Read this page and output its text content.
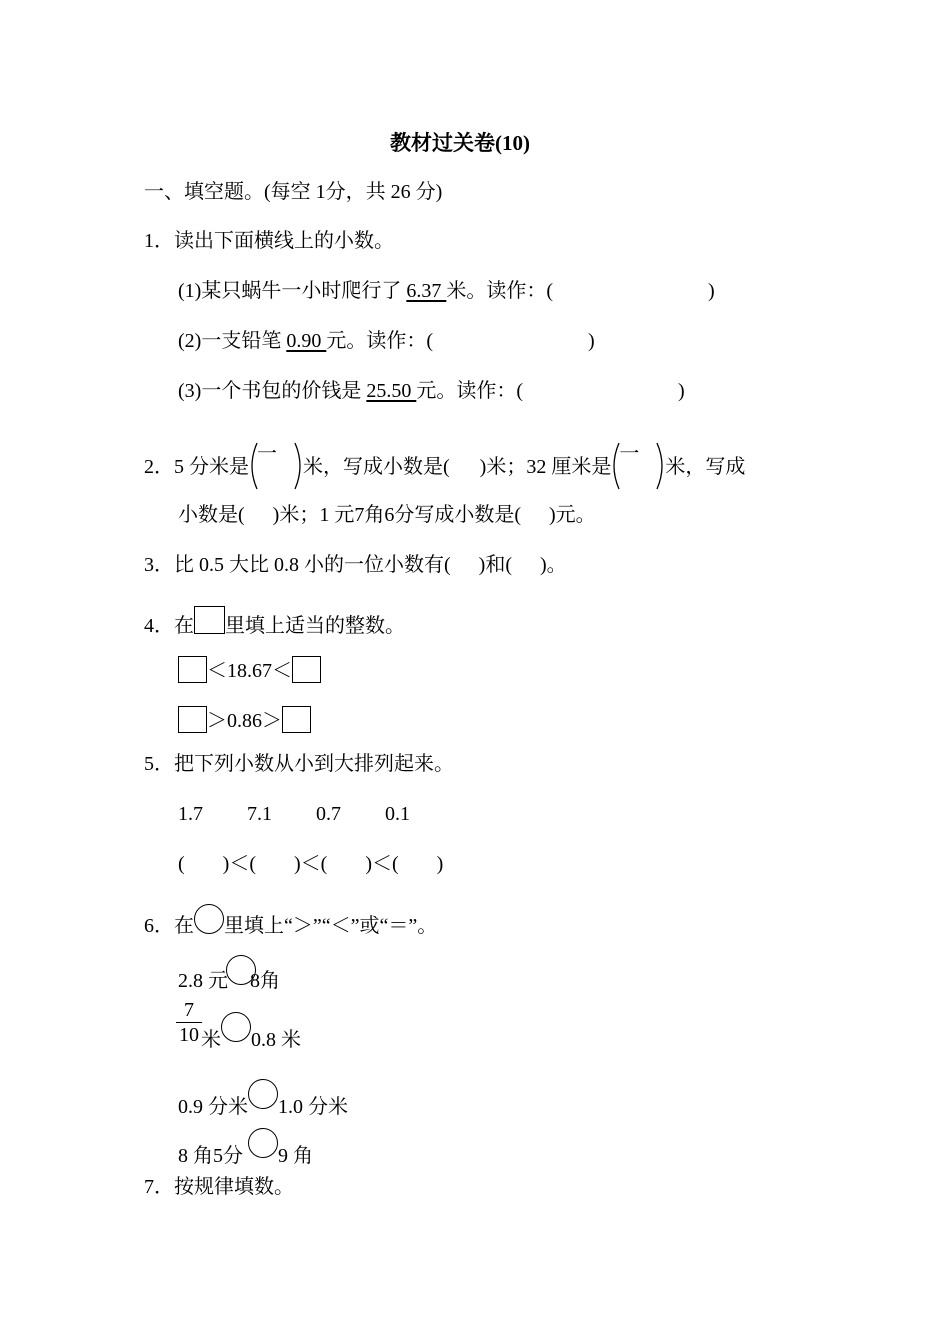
教材过关卷(10)
一、填空题。(每空 1分，共 26 分)
1．读出下面横线上的小数。
(1)某只蜗牛一小时爬行了 6.37 米。读作：(	)
(2)一支铅笔 0.90 元。读作：(	)
(3)一个书包的价钱是 25.50 元。读作：(	)
2．5 分米是
一
米，写成小数是( )米；32 厘米是
一
米，写成
小数是( )米；1 元7角6分写成小数是( )元。
3．比 0.5 大比 0.8 小的一位小数有( )和( )。
4．在 里填上适当的整数。
＜18.67＜
＞0.86＞
5．把下列小数从小到大排列起来。
1.7 7.1 0.7 0.1
( )＜( )＜( )＜( )
6．在 里填上“＞”“＜”或“＝”。
2.8 元 8角
7
10 米 0.8 米
0.9 分米 1.0 分米
8 角5分 9 角
7．按规律填数。
